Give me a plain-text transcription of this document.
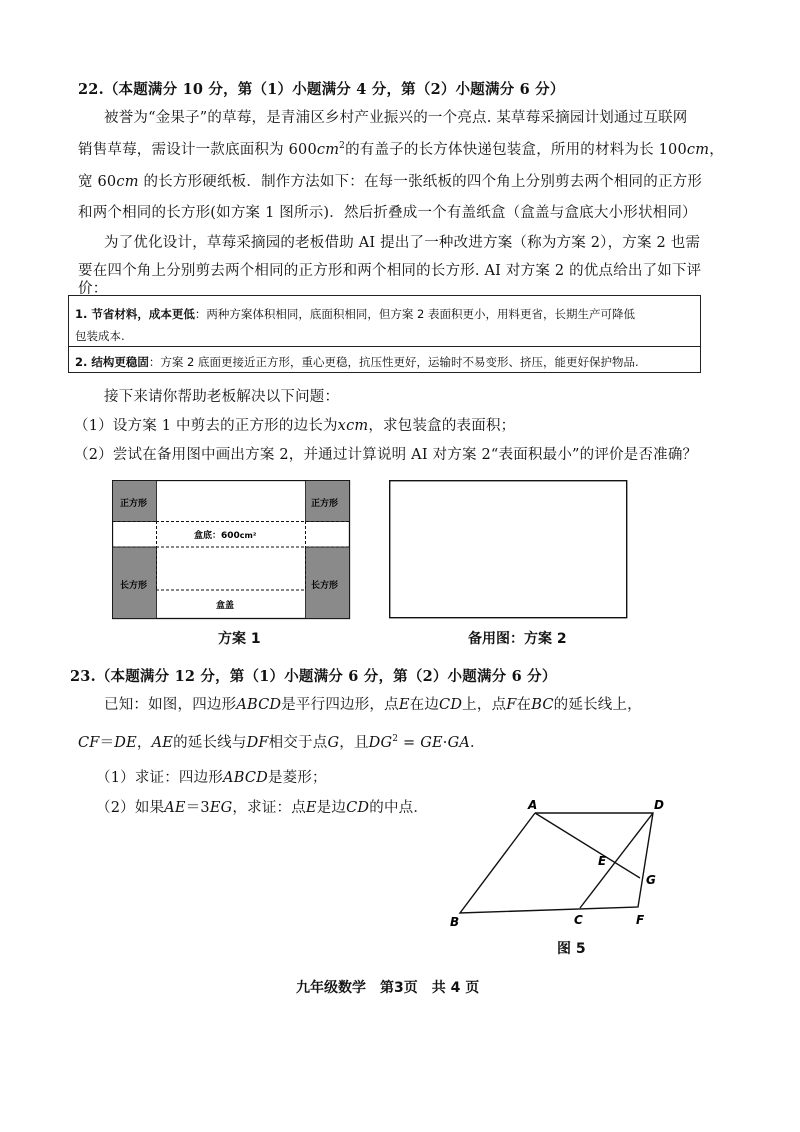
22.（本题满分 10 分，第（1）小题满分 4 分，第（2）小题满分 6 分）
被誉为“金果子”的草莓，是青浦区乡村产业振兴的一个亮点. 某草莓采摘园计划通过互联网
销售草莓，需设计一款底面积为 $600cm^2$的有盖子的长方体快递包装盒，所用的材料为长 100cm，
宽 60cm 的长方形硬纸板．制作方法如下：在每一张纸板的四个角上分别剪去两个相同的正方形
和两个相同的长方形(如方案 1 图所示)．然后折叠成一个有盖纸盒（盒盖与盒底大小形状相同）
为了优化设计，草莓采摘园的老板借助 AI 提出了一种改进方案（称为方案 2），方案 2 也需
要在四个角上分别剪去两个相同的正方形和两个相同的长方形. AI 对方案 2 的优点给出了如下评
价：
1. 节省材料，成本更低：两种方案体积相同，底面积相同，但方案 2 表面积更小，用料更省，长期生产可降低
包装成本.
2. 结构更稳固：方案 2 底面更接近正方形，重心更稳，抗压性更好，运输时不易变形、挤压，能更好保护物品.
接下来请你帮助老板解决以下问题：
（1）设方案 1 中剪去的正方形的边长为xcm，求包装盒的表面积；
（2）尝试在备用图中画出方案 2，并通过计算说明 AI 对方案 2“表面积最小”的评价是否准确？
正方形	正方形
长方形	长方形
盒底：600cm²
盒盖
方案 1	备用图：方案 2
23.（本题满分 12 分，第（1）小题满分 6 分，第（2）小题满分 6 分）
已知：如图，四边形ABCD是平行四边形，点E在边CD上，点F在BC的延长线上，
CF＝DE，AE的延长线与DF相交于点G，且$DG^2 = GE\cdot GA$．
（1）求证：四边形ABCD是菱形；
（2）如果AE＝3EG，求证：点E是边CD的中点．	A	D
E
G
B	C	F
图 5
九年级数学　第3页　共 4 页
